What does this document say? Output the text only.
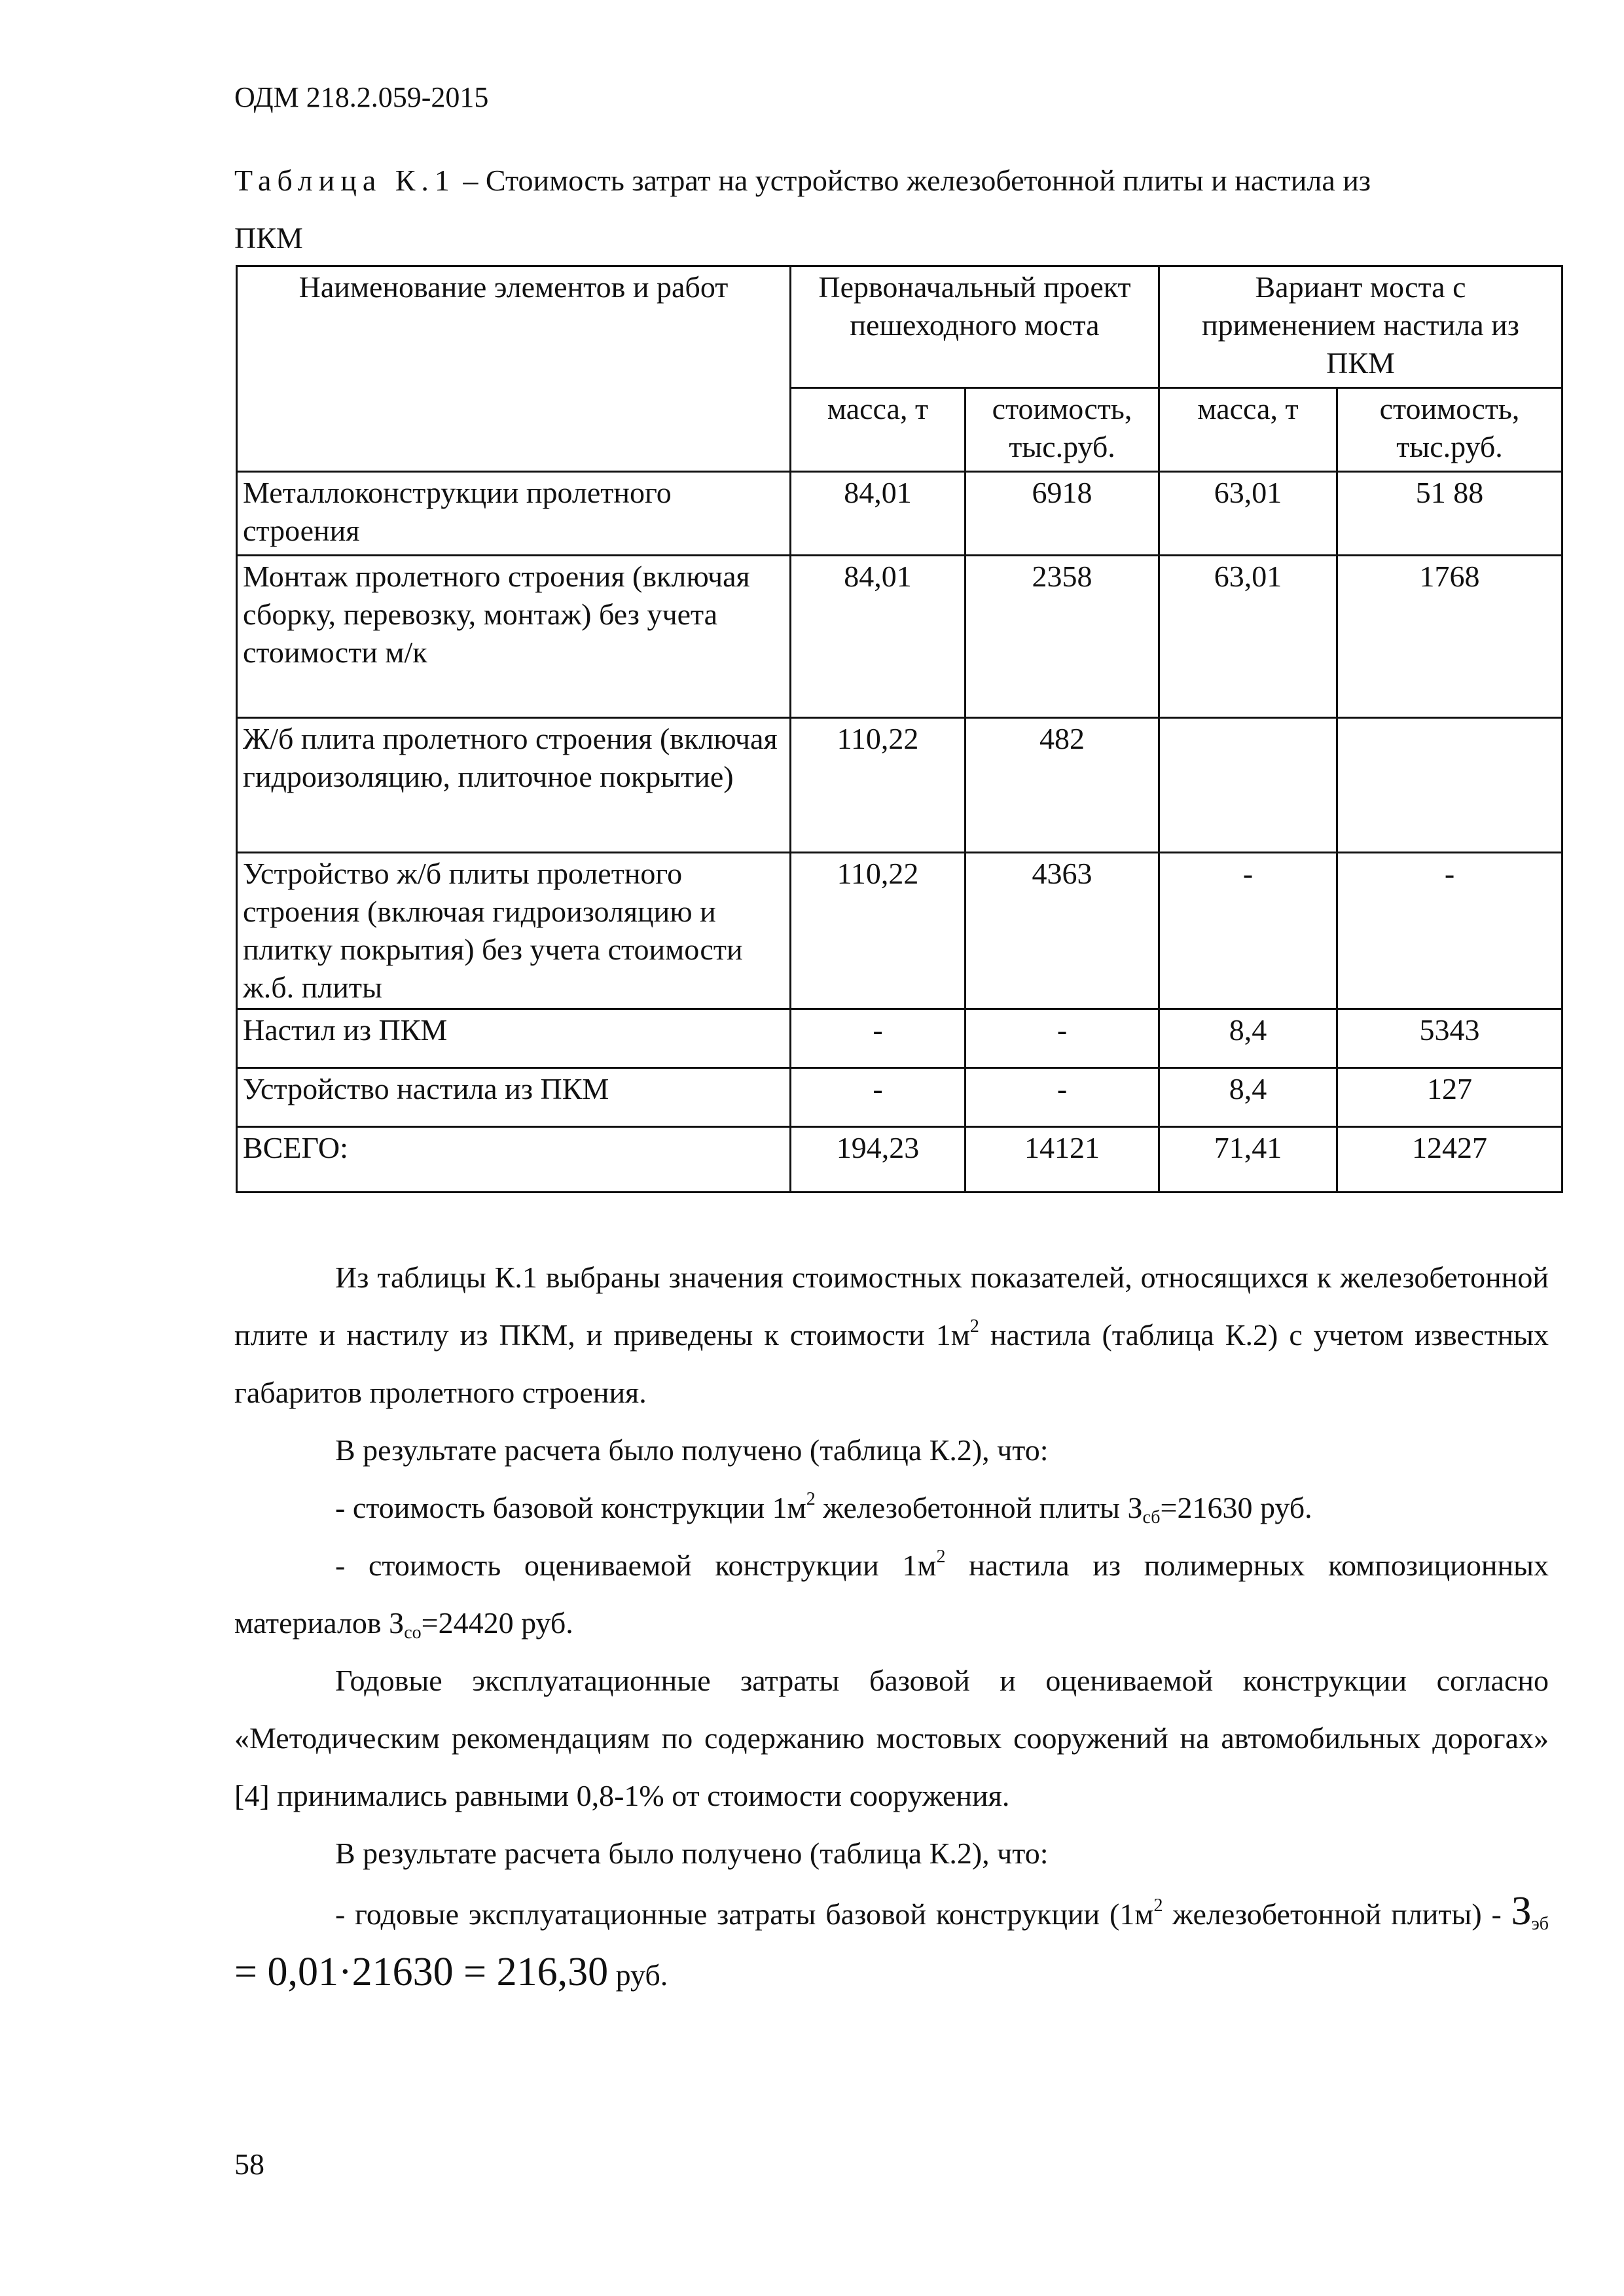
ОДМ 218.2.059-2015
Таблица К.1 – Стоимость затрат на устройство железобетонной плиты и настила из
ПКМ
Наименование элементов и работ	Первоначальный проект пешеходного моста		Вариант моста с применением настила из ПКМ	
	масса, т	стоимость, тыс.руб.	масса, т	стоимость, тыс.руб.
Металлоконструкции пролетного строения	84,01	6918	63,01	51 88
Монтаж пролетного строения (включая сборку, перевозку, монтаж) без учета стоимости м/к	84,01	2358	63,01	1768
Ж/б плита пролетного строения (включая гидроизоляцию, плиточное покрытие)	110,22	482		
Устройство ж/б плиты пролетного строения (включая гидроизоляцию и плитку покрытия) без учета стоимости ж.б. плиты	110,22	4363	-	-
Настил из ПКМ	-	-	8,4	5343
Устройство настила из ПКМ	-	-	8,4	127
ВСЕГО:	194,23	14121	71,41	12427

Из таблицы К.1 выбраны значения стоимостных показателей, относящихся к железобетонной плите и настилу из ПКМ, и приведены к стоимости $1м^2$ настила (таблица К.2) с учетом известных габаритов пролетного строения.

В результате расчета было получено (таблица К.2), что:

- стоимость базовой конструкции $1м^2$ железобетонной плиты $З_{сб}=21630$ руб.

- стоимость оцениваемой конструкции $1м^2$ настила из полимерных композиционных материалов $З_{со}=24420$ руб.

Годовые эксплуатационные затраты базовой и оцениваемой конструкции согласно «Методическим рекомендациям по содержанию мостовых сооружений на автомобильных дорогах» [4] принимались равными 0,8-1% от стоимости сооружения.

В результате расчета было получено (таблица К.2), что:

- годовые эксплуатационные затраты базовой конструкции ($1м^2$ железобетонной плиты) - $З_{эб} = 0,01\cdot 21630 = 216,30$ руб.

58
